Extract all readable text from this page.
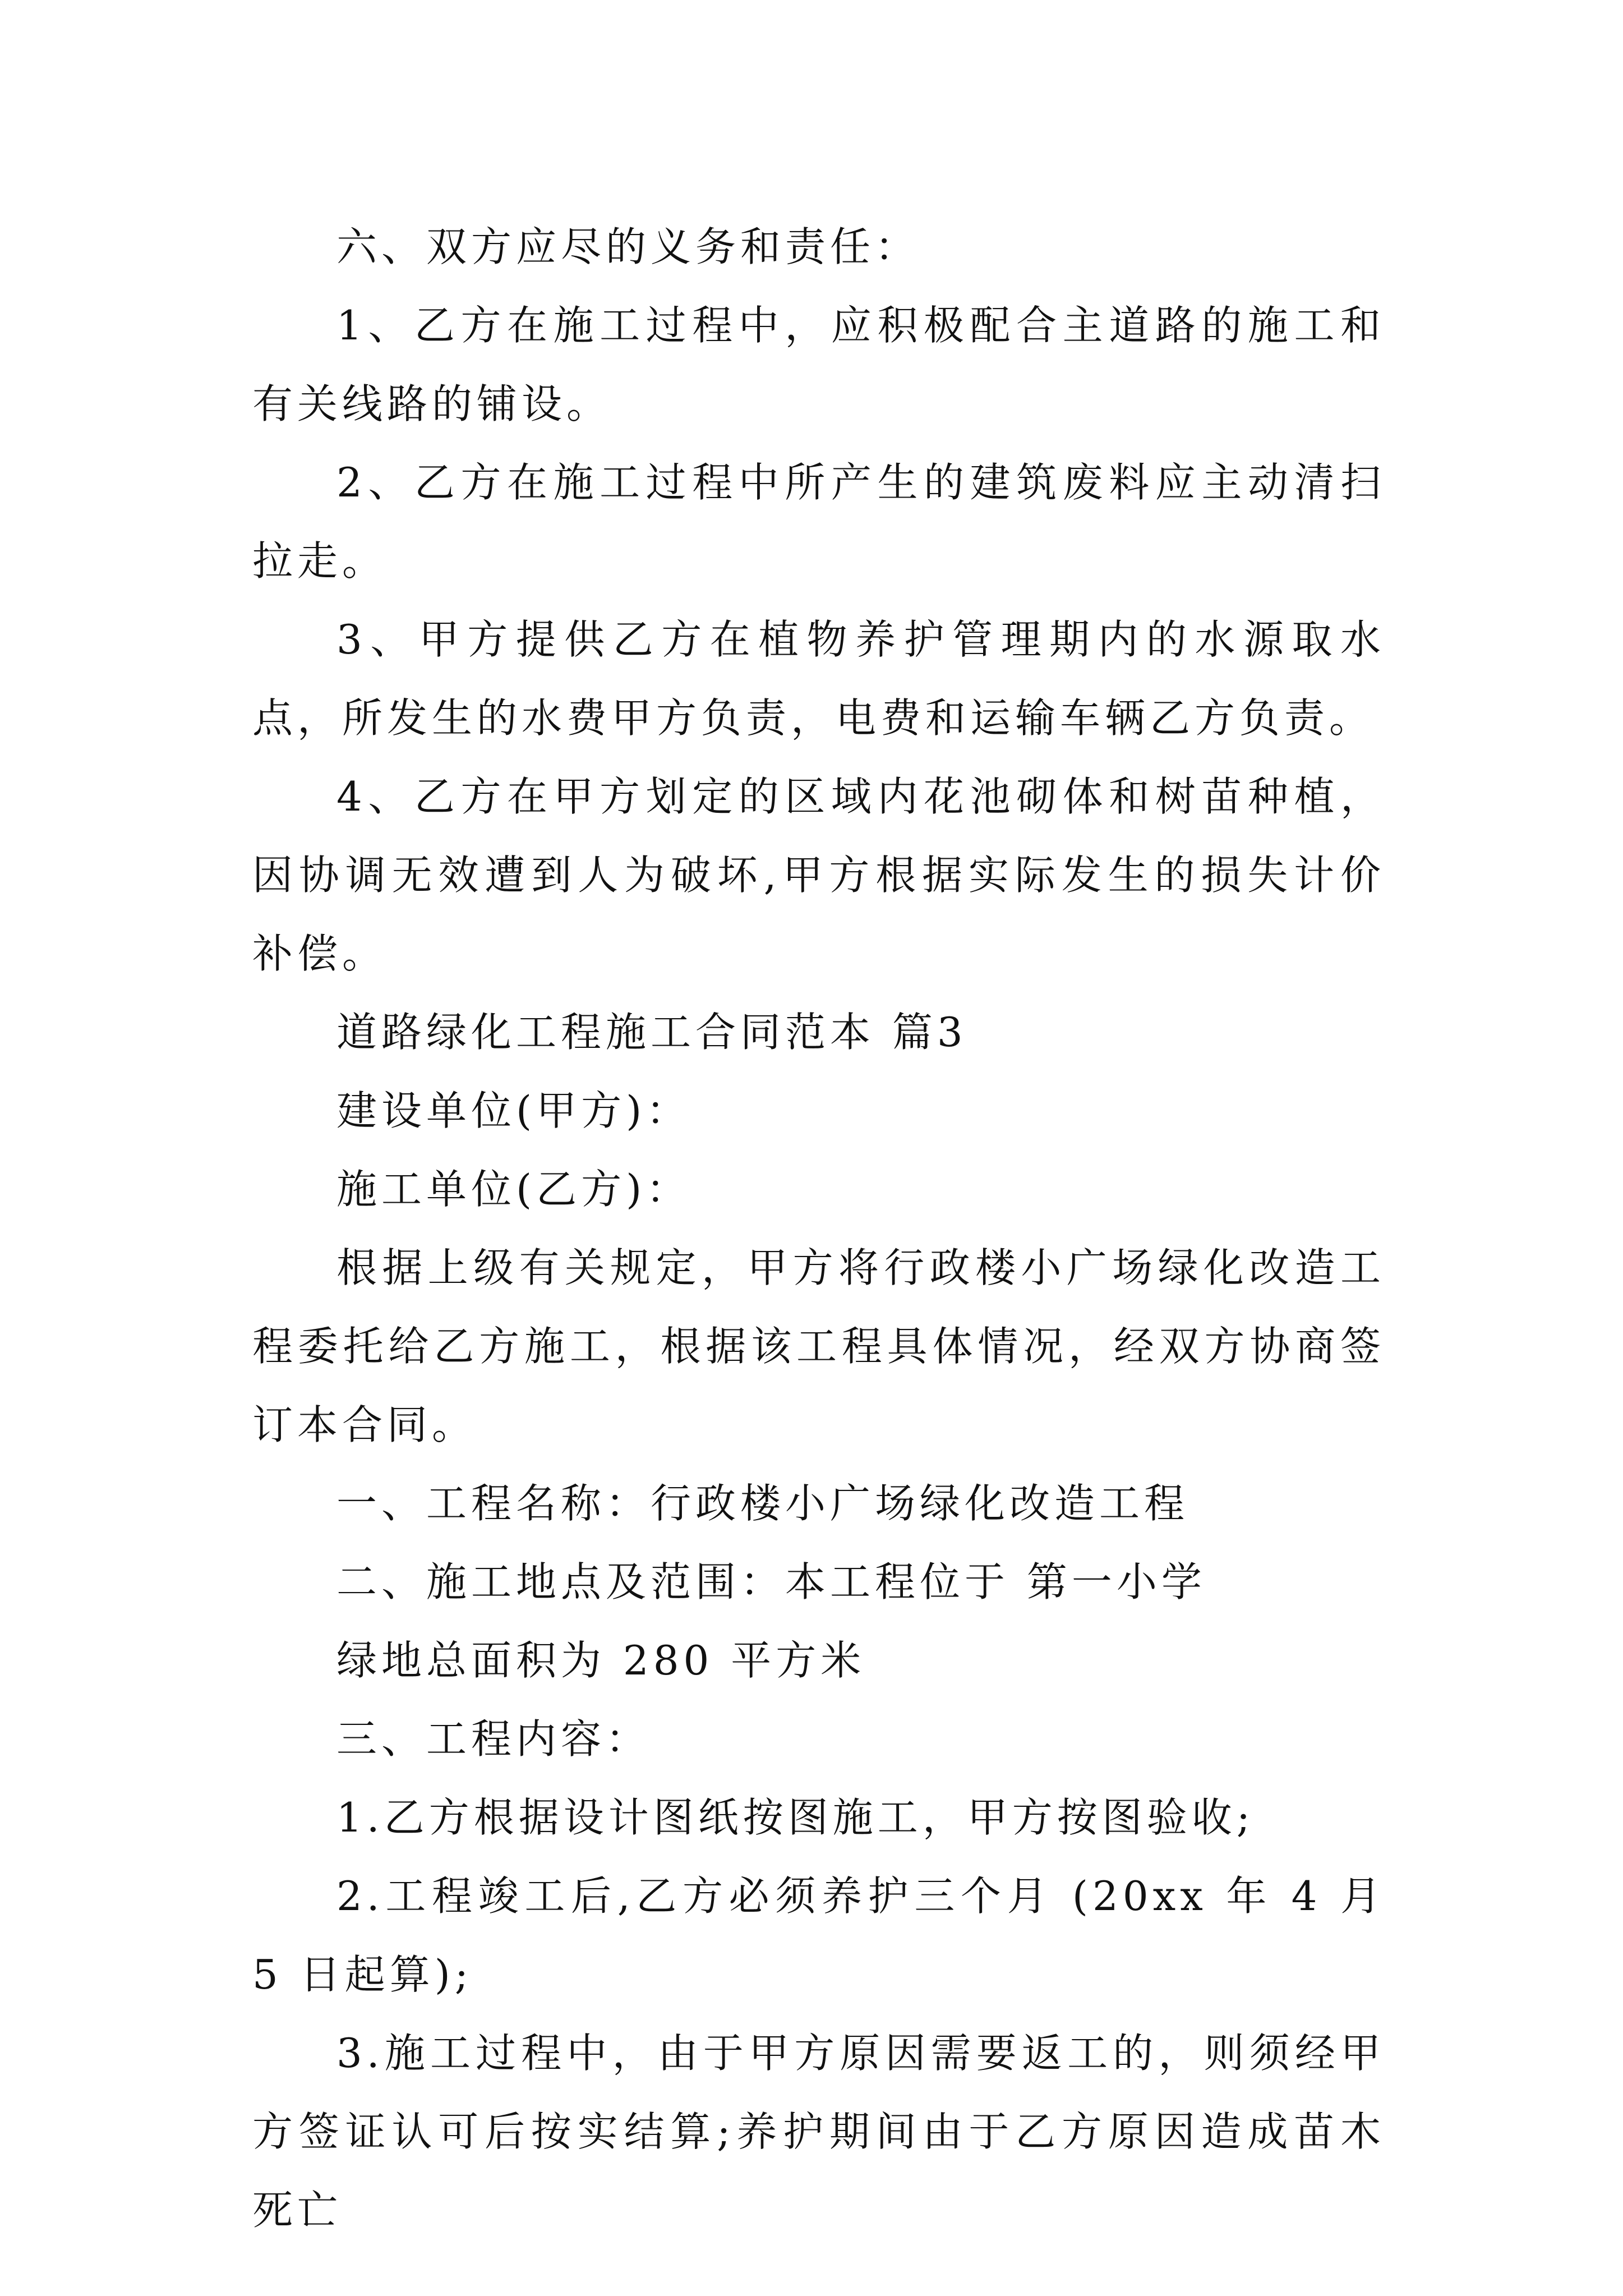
六、双方应尽的义务和责任：

1、乙方在施工过程中，应积极配合主道路的施工和有关线路的铺设。

2、乙方在施工过程中所产生的建筑废料应主动清扫拉走。

3、甲方提供乙方在植物养护管理期内的水源取水点，所发生的水费甲方负责，电费和运输车辆乙方负责。

4、乙方在甲方划定的区域内花池砌体和树苗种植，因协调无效遭到人为破坏,甲方根据实际发生的损失计价补偿。

道路绿化工程施工合同范本 篇3

建设单位(甲方)：

施工单位(乙方)：

根据上级有关规定，甲方将行政楼小广场绿化改造工程委托给乙方施工，根据该工程具体情况，经双方协商签订本合同。

一、工程名称：行政楼小广场绿化改造工程

二、施工地点及范围：本工程位于 第一小学

绿地总面积为 280 平方米

三、工程内容：

1.乙方根据设计图纸按图施工，甲方按图验收;

2.工程竣工后,乙方必须养护三个月 (20xx 年 4 月 5 日起算);

3.施工过程中，由于甲方原因需要返工的，则须经甲方签证认可后按实结算;养护期间由于乙方原因造成苗木死亡
